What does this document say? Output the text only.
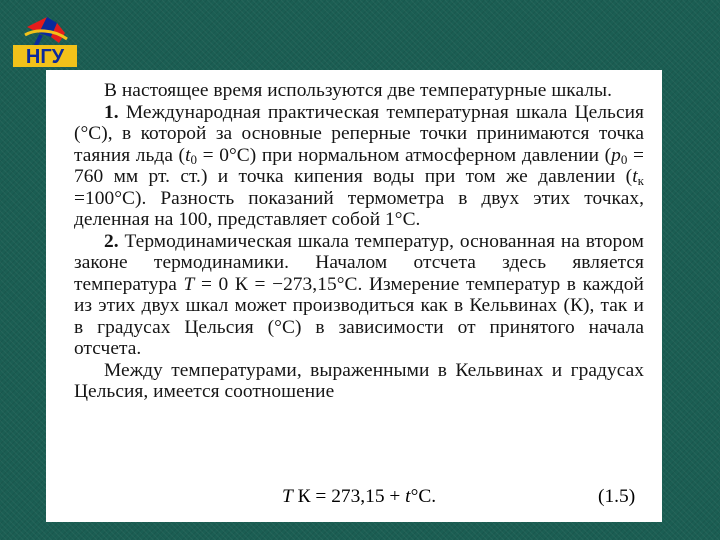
НГУ

В настоящее время используются две температурные шкалы.

1. Международная практическая температурная шкала Цельсия (°С), в которой за основные реперные точки принимаются точка таяния льда $(t_0 = 0^\circ С)$ при нормальном атмосферном давлении ($p_0 = 760$ мм рт. ст.) и точка кипения воды при том же давлении $(t_к =100^\circ С)$. Разность показаний термометра в двух этих точках, деленная на 100, представляет собой 1°С.

2. Термодинамическая шкала температур, основанная на втором законе термодинамики. Началом отсчета здесь является температура T = 0 К = −273,15°С. Измерение температур в каждой из этих двух шкал может производиться как в Кельвинах (К), так и в градусах Цельсия (°С) в зависимости от принятого начала отсчета.

Между температурами, выраженными в Кельвинах и градусах Цельсия, имеется соотношение

T К = 273,15 + t°С.	(1.5)
